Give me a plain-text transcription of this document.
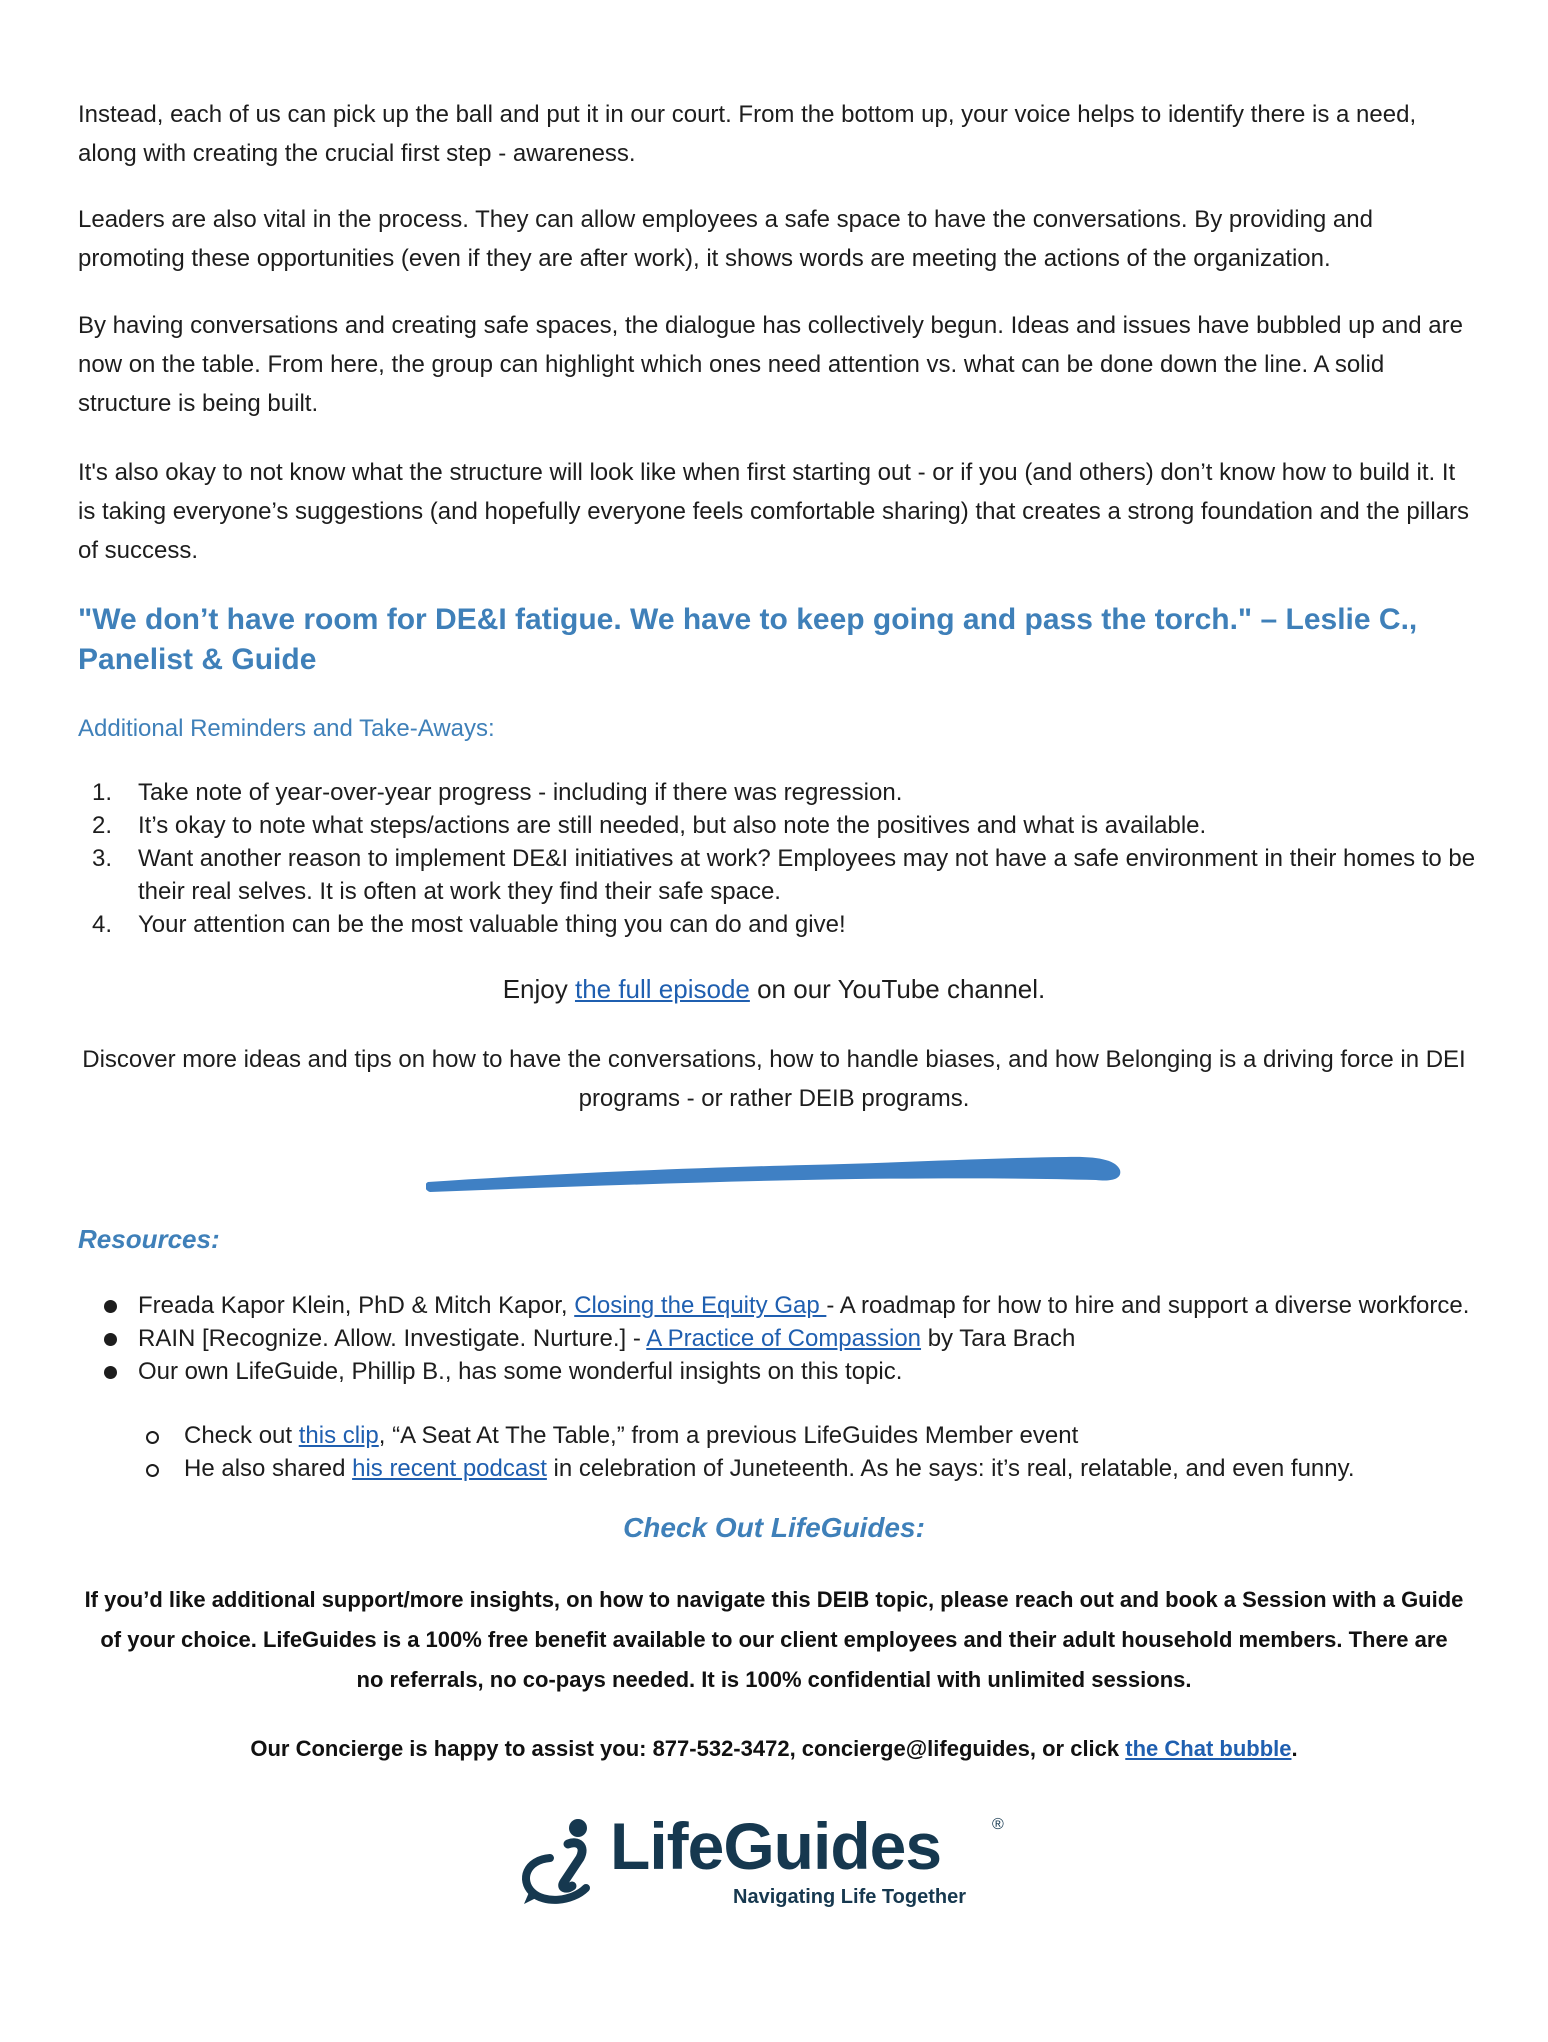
Instead, each of us can pick up the ball and put it in our court. From the bottom up, your voice helps to identify there is a need, along with creating the crucial first step - awareness.

Leaders are also vital in the process. They can allow employees a safe space to have the conversations. By providing and promoting these opportunities (even if they are after work), it shows words are meeting the actions of the organization.

By having conversations and creating safe spaces, the dialogue has collectively begun. Ideas and issues have bubbled up and are now on the table. From here, the group can highlight which ones need attention vs. what can be done down the line. A solid structure is being built.

It's also okay to not know what the structure will look like when first starting out - or if you (and others) don’t know how to build it. It is taking everyone’s suggestions (and hopefully everyone feels comfortable sharing) that creates a strong foundation and the pillars of success.

"We don’t have room for DE&I fatigue. We have to keep going and pass the torch." – Leslie C., Panelist & Guide

Additional Reminders and Take-Aways:

1. Take note of year-over-year progress - including if there was regression.
2. It’s okay to note what steps/actions are still needed, but also note the positives and what is available.
3. Want another reason to implement DE&I initiatives at work? Employees may not have a safe environment in their homes to be their real selves. It is often at work they find their safe space.
4. Your attention can be the most valuable thing you can do and give!

Enjoy the full episode on our YouTube channel.

Discover more ideas and tips on how to have the conversations, how to handle biases, and how Belonging is a driving force in DEI programs - or rather DEIB programs.

Resources:

Freada Kapor Klein, PhD & Mitch Kapor, Closing the Equity Gap - A roadmap for how to hire and support a diverse workforce.
RAIN [Recognize. Allow. Investigate. Nurture.] - A Practice of Compassion by Tara Brach
Our own LifeGuide, Phillip B., has some wonderful insights on this topic.
Check out this clip, “A Seat At The Table,” from a previous LifeGuides Member event
He also shared his recent podcast in celebration of Juneteenth. As he says: it’s real, relatable, and even funny.

Check Out LifeGuides:

If you’d like additional support/more insights, on how to navigate this DEIB topic, please reach out and book a Session with a Guide of your choice. LifeGuides is a 100% free benefit available to our client employees and their adult household members. There are no referrals, no co-pays needed. It is 100% confidential with unlimited sessions.

Our Concierge is happy to assist you: 877-532-3472, concierge@lifeguides, or click the Chat bubble.

LifeGuides	®

Navigating Life Together
